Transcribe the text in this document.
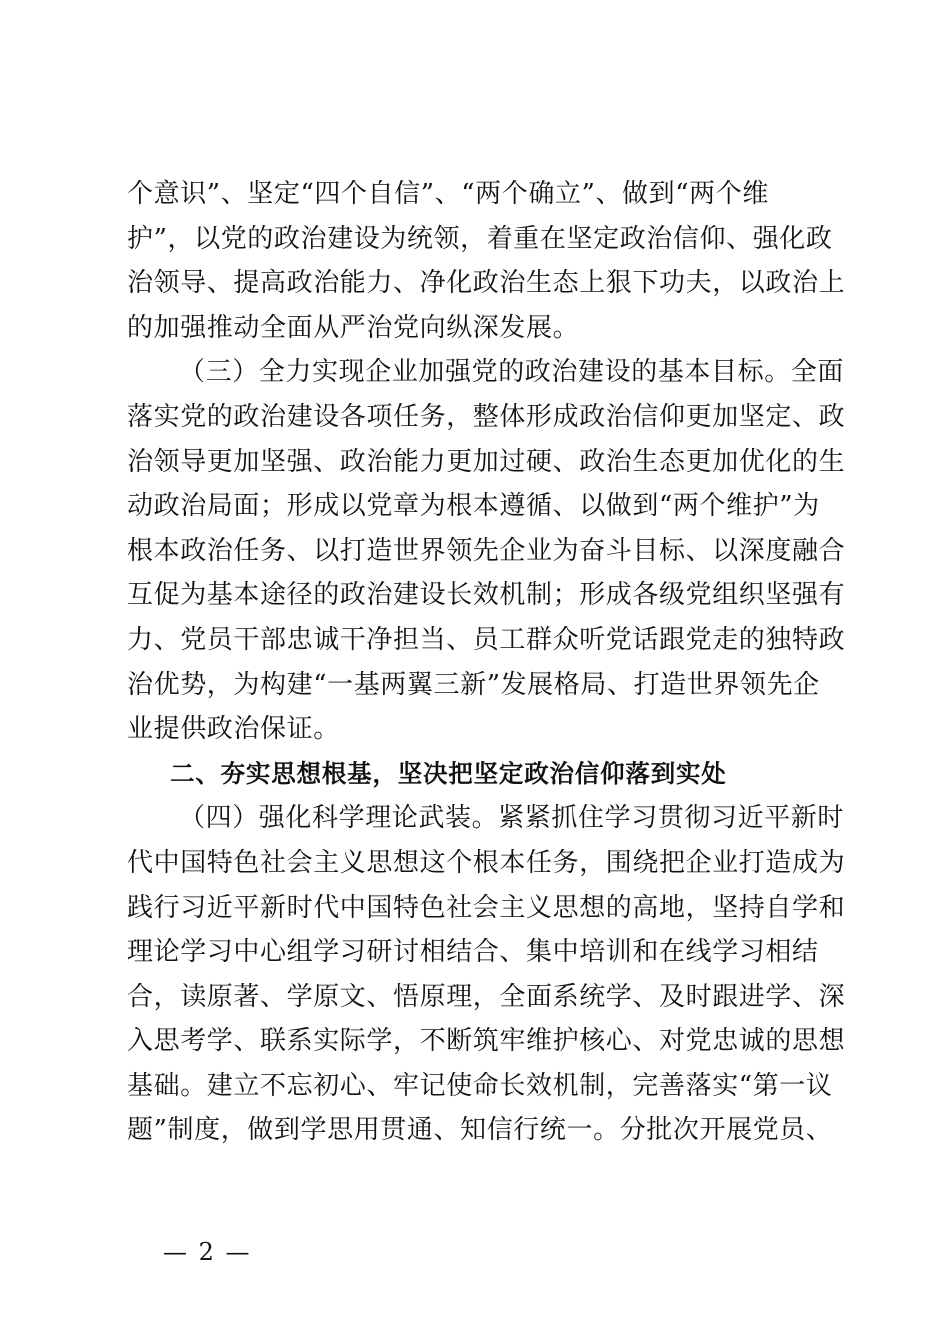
个意识”、坚定“四个自信”、“两个确立”、做到“两个维
护”，以党的政治建设为统领，着重在坚定政治信仰、强化政
治领导、提高政治能力、净化政治生态上狠下功夫，以政治上
的加强推动全面从严治党向纵深发展。
（三）全力实现企业加强党的政治建设的基本目标。全面
落实党的政治建设各项任务，整体形成政治信仰更加坚定、政
治领导更加坚强、政治能力更加过硬、政治生态更加优化的生
动政治局面；形成以党章为根本遵循、以做到“两个维护”为
根本政治任务、以打造世界领先企业为奋斗目标、以深度融合
互促为基本途径的政治建设长效机制；形成各级党组织坚强有
力、党员干部忠诚干净担当、员工群众听党话跟党走的独特政
治优势，为构建“一基两翼三新”发展格局、打造世界领先企
业提供政治保证。
二、夯实思想根基，坚决把坚定政治信仰落到实处
（四）强化科学理论武装。紧紧抓住学习贯彻习近平新时
代中国特色社会主义思想这个根本任务，围绕把企业打造成为
践行习近平新时代中国特色社会主义思想的高地，坚持自学和
理论学习中心组学习研讨相结合、集中培训和在线学习相结
合，读原著、学原文、悟原理，全面系统学、及时跟进学、深
入思考学、联系实际学，不断筑牢维护核心、对党忠诚的思想
基础。建立不忘初心、牢记使命长效机制，完善落实“第一议
题”制度，做到学思用贯通、知信行统一。分批次开展党员、
— 2 —
